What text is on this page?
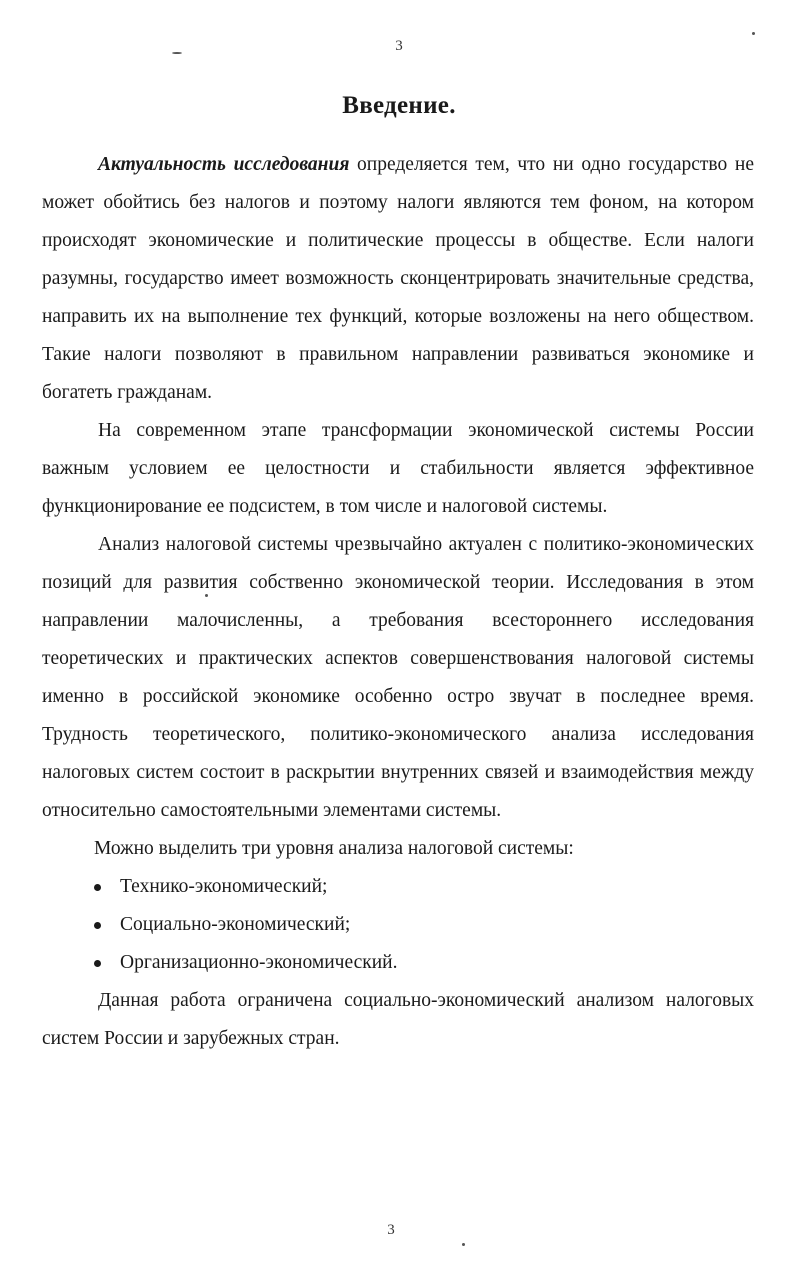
3
Введение.

Актуальность исследования определяется тем, что ни одно государство не может обойтись без налогов и поэтому налоги являются тем фоном, на котором происходят экономические и политические процессы в обществе. Если налоги разумны, государство имеет возможность сконцентрировать значительные средства, направить их на выполнение тех функций, которые возложены на него обществом. Такие налоги позволяют в правильном направлении развиваться экономике и богатеть гражданам.

На современном этапе трансформации экономической системы России важным условием ее целостности и стабильности является эффективное функционирование ее подсистем, в том числе и налоговой системы.

Анализ налоговой системы чрезвычайно актуален с политико-экономических позиций для развития собственно экономической теории. Исследования в этом направлении малочисленны, а требования всестороннего исследования теоретических и практических аспектов совершенствования налоговой системы именно в российской экономике особенно остро звучат в последнее время. Трудность теоретического, политико-экономического анализа исследования налоговых систем состоит в раскрытии внутренних связей и взаимодействия между относительно самостоятельными элементами системы.

Можно выделить три уровня анализа налоговой системы:

Технико-экономический;
Социально-экономический;
Организационно-экономический.

Данная работа ограничена социально-экономический анализом налоговых систем России и зарубежных стран.

3
